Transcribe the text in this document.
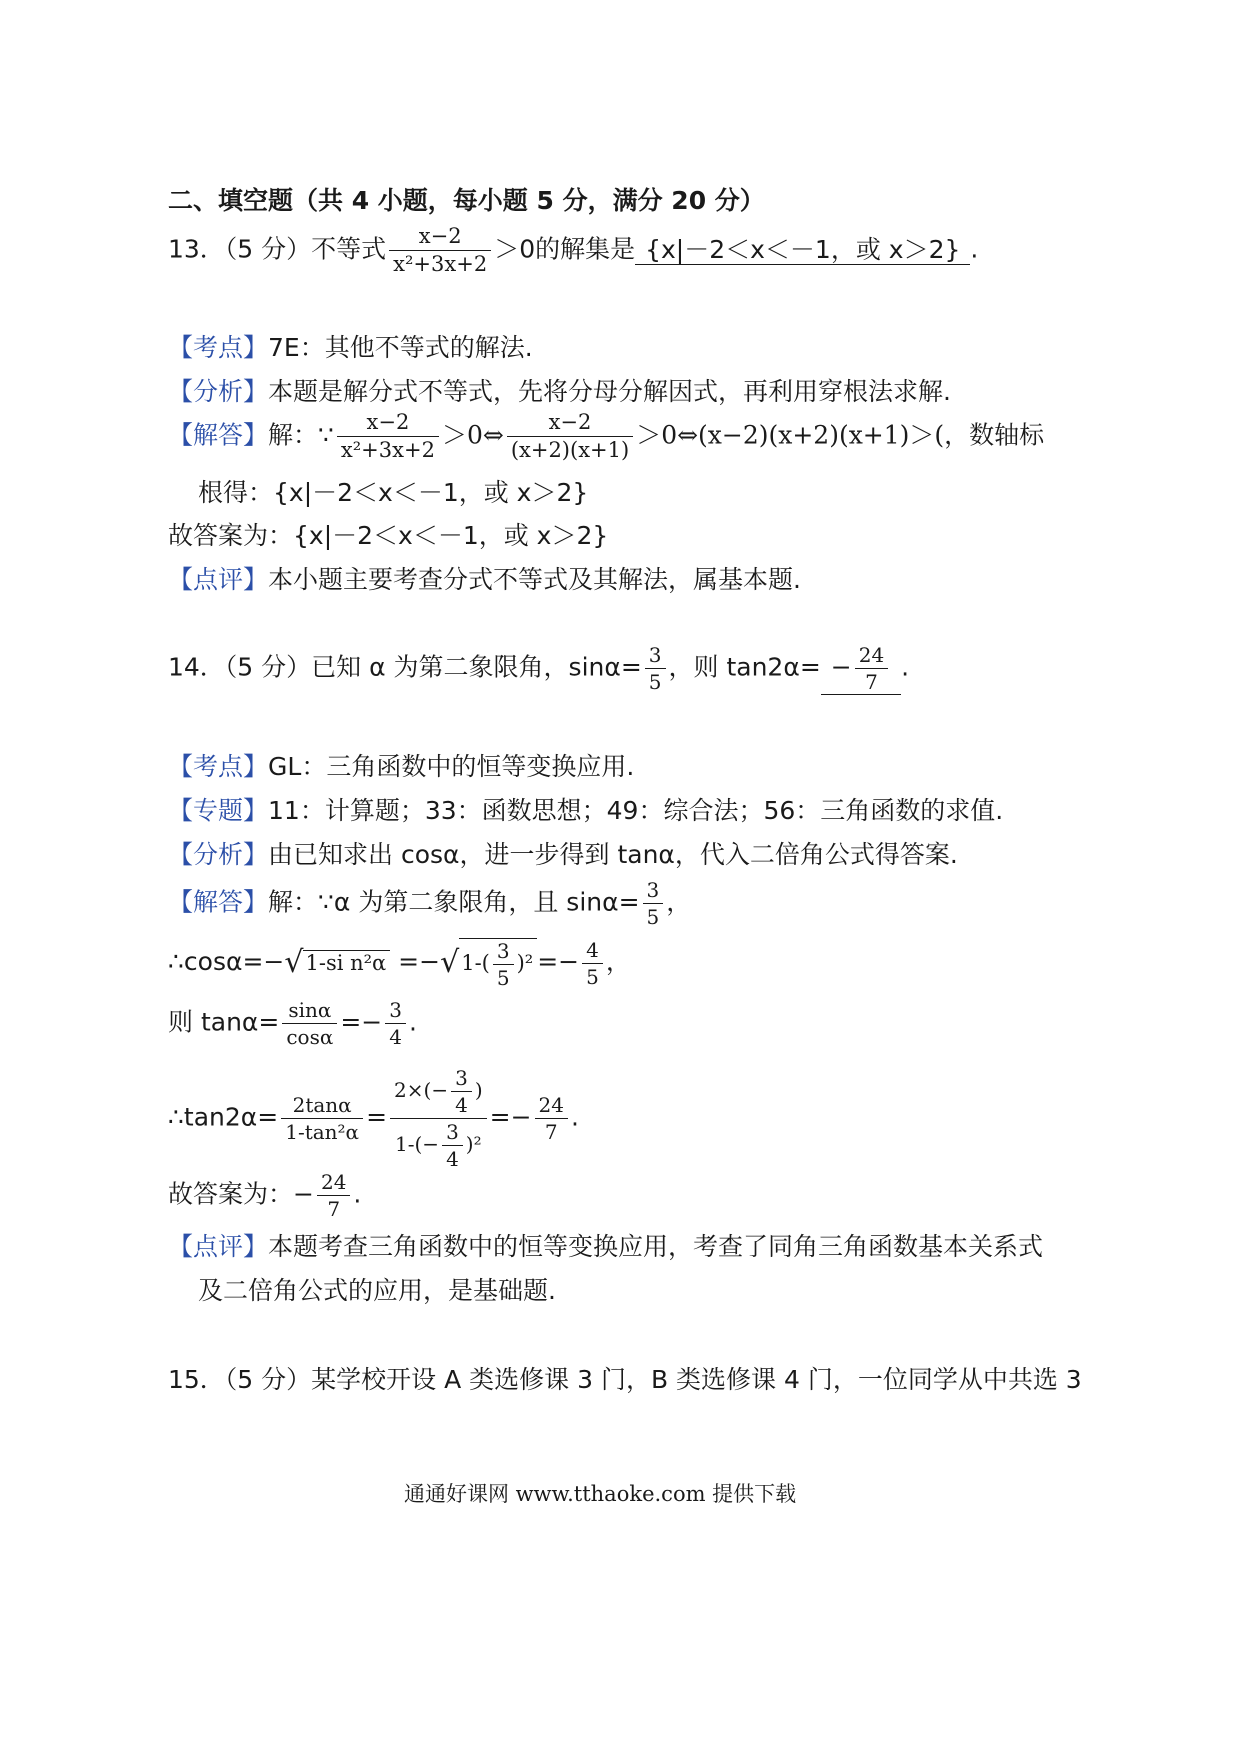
二、填空题（共 4 小题，每小题 5 分，满分 20 分）
13．（5 分）不等式 $\frac{x-2}{\text{x²+3x+2}} >0$的解集是 {x|－2＜x＜－1，或 x＞2} .
【考点】7E：其他不等式的解法.
【分析】本题是解分式不等式，先将分母分解因式，再利用穿根法求解.
【解答】解：∵ $\frac{x-2}{\text{x²+3x+2}}$ ＞0⇔ $\frac{x-2}{(x+2)(x+1)}$ ＞0⇔(x−2)(x+2)(x+1)＞(，数轴标
根得：{x|－2＜x＜－1，或 x＞2}
故答案为：{x|－2＜x＜－1，或 x＞2}
【点评】本小题主要考查分式不等式及其解法，属基本题.
14．（5 分）已知 α 为第二象限角，$\sin\alpha= \frac{3}{5}$ ，则 $\tan 2\alpha= - \frac{24}{7}$ .
【考点】GL：三角函数中的恒等变换应用.
【专题】11：计算题；33：函数思想；49：综合法；56：三角函数的求值.
【分析】由已知求出 cosα，进一步得到 tanα，代入二倍角公式得答案.
【解答】解：∵α 为第二象限角，且 $\sin\alpha= \frac{3}{5}$ ，
∴cosα=−√1-si $n^2\alpha =-√1-( \frac{3}{5} )^2 =- \frac{4}{5}$ ，
则 $\tan\alpha= \frac{\sin\alpha}{\cos\alpha} =- \frac{3}{4}$ .
∴tan2α= $\frac{2\tan\alpha}{\text{1-tan²α}} = \frac{2\times(- \frac{3}{4} )}{1-(- \frac{3}{4} )^2} =- \frac{24}{7}$ .
故答案为：− $\frac{24}{7}$ .
【点评】本题考查三角函数中的恒等变换应用，考查了同角三角函数基本关系式
及二倍角公式的应用，是基础题.
15．（5 分）某学校开设 A 类选修课 3 门，B 类选修课 4 门，一位同学从中共选 3
通通好课网 www.tthaoke.com 提供下载
